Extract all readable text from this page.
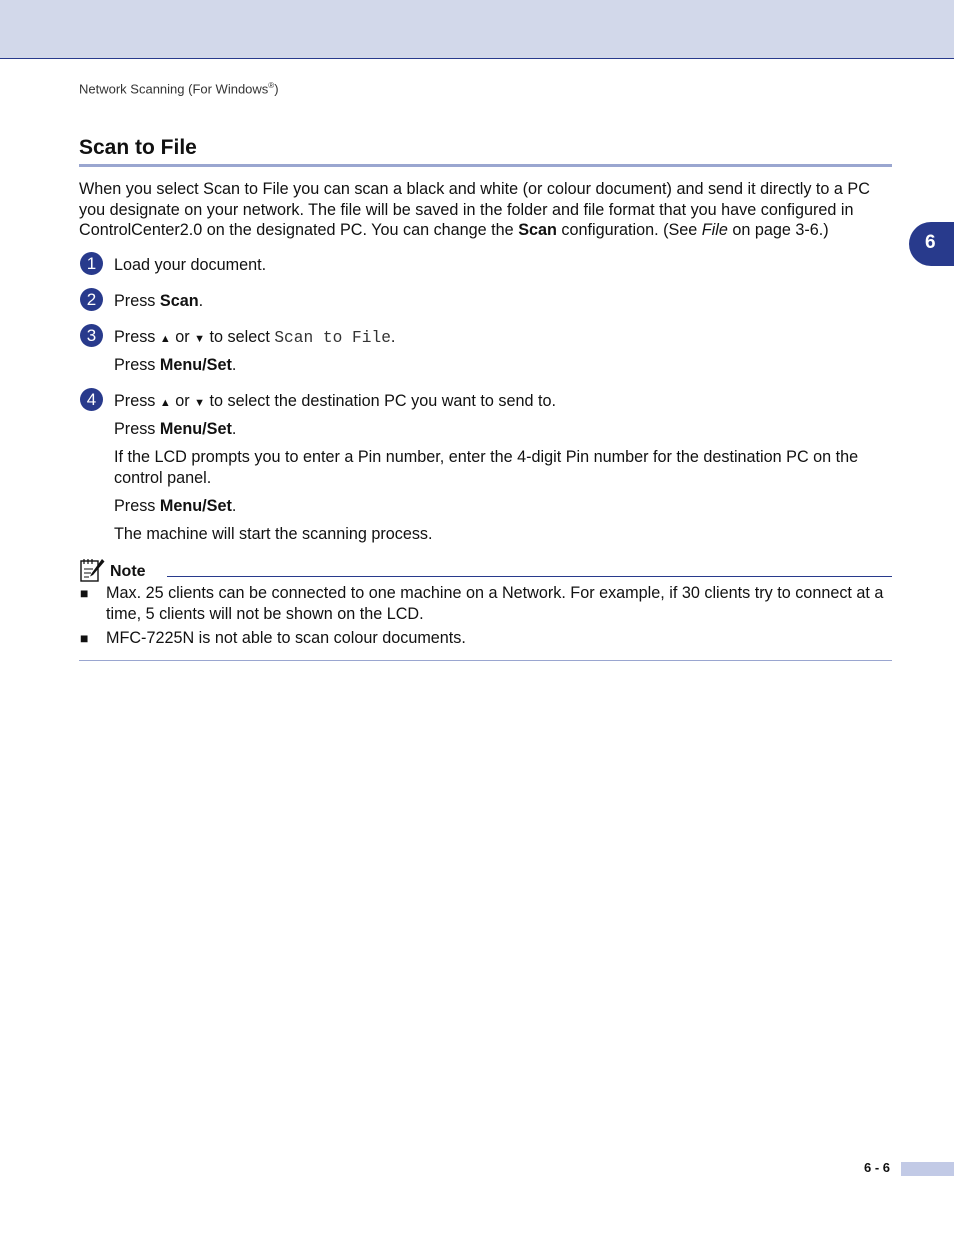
Network Scanning (For Windows®)
6
Scan to File
When you select Scan to File you can scan a black and white (or colour document) and send it directly to a PC you designate on your network. The file will be saved in the folder and file format that you have configured in ControlCenter2.0 on the designated PC. You can change the Scan configuration. (See File on page 3-6.)
1	Load your document.
2	Press Scan.
3	Press ▲ or ▼ to select Scan to File.
Press Menu/Set.
4	Press ▲ or ▼ to select the destination PC you want to send to.
Press Menu/Set.
If the LCD prompts you to enter a Pin number, enter the 4-digit Pin number for the destination PC on the control panel.
Press Menu/Set.
The machine will start the scanning process.
Note
■ Max. 25 clients can be connected to one machine on a Network. For example, if 30 clients try to connect at a time, 5 clients will not be shown on the LCD.
■ MFC-7225N is not able to scan colour documents.
6 - 6
